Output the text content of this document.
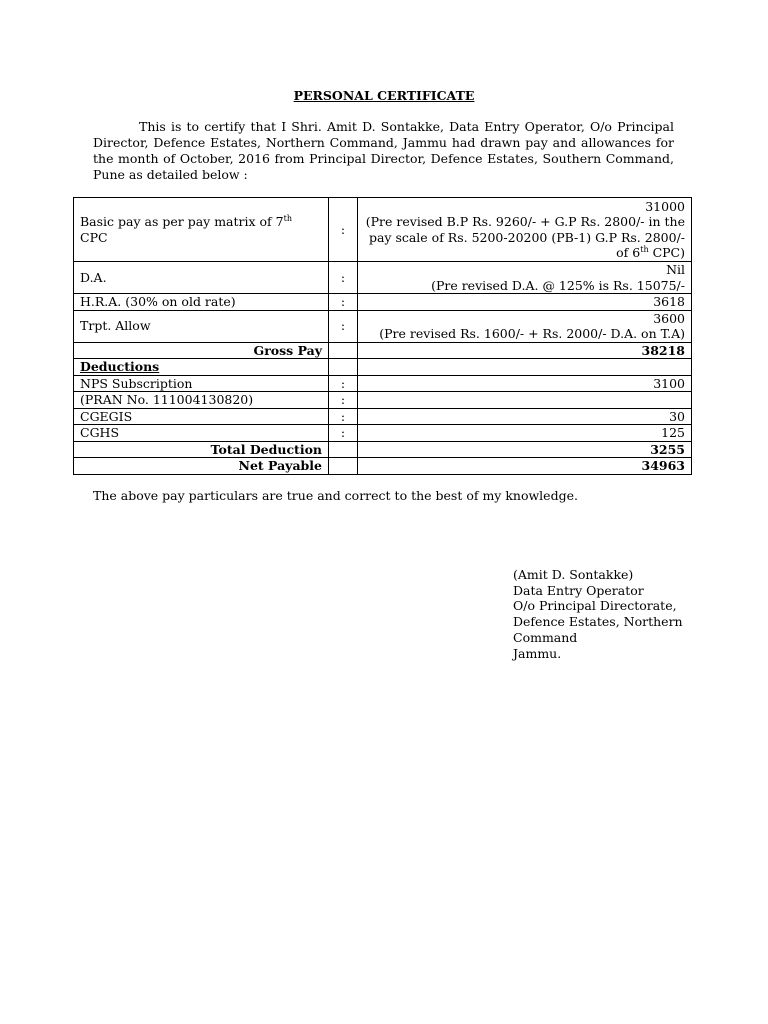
PERSONAL CERTIFICATE
This is to certify that I Shri. Amit D. Sontakke, Data Entry Operator, O/o Principal Director, Defence Estates, Northern Command, Jammu had drawn pay and allowances for the month of October, 2016 from Principal Director, Defence Estates, Southern Command, Pune as detailed below :
Basic pay as per pay matrix of 7th CPC	:	31000
(Pre revised B.P Rs. 9260/- + G.P Rs. 2800/- in the pay scale of Rs. 5200-20200 (PB-1) G.P Rs. 2800/- of 6th CPC)

D.A.	:	Nil
(Pre revised D.A. @ 125% is Rs. 15075/-

H.R.A. (30% on old rate)	:	3618
Trpt. Allow	:	3600
(Pre revised Rs. 1600/- + Rs. 2000/- D.A. on T.A)

Gross Pay		38218
Deductions		
NPS Subscription	:	3100
(PRAN No. 111004130820)	:	
CGEGIS	:	30
CGHS	:	125
Total Deduction		3255
Net Payable		34963
The above pay particulars are true and correct to the best of my knowledge.
(Amit D. Sontakke)
Data Entry Operator
O/o Principal Directorate,
Defence Estates, Northern
Command
Jammu.
